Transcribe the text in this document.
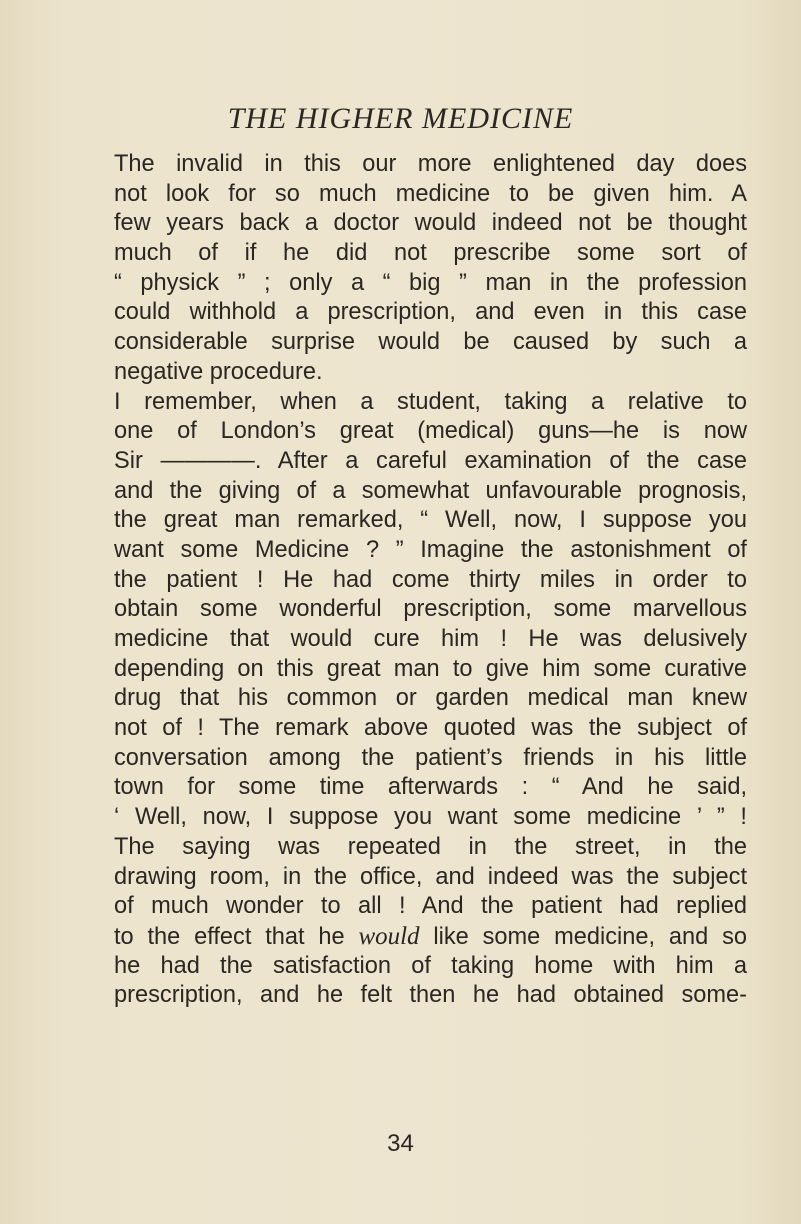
THE HIGHER MEDICINE
The invalid in this our more enlightened day does
not look for so much medicine to be given him. A
few years back a doctor would indeed not be thought
much of if he did not prescribe some sort of
“ physick ” ; only a “ big ” man in the profession
could withhold a prescription, and even in this case
considerable surprise would be caused by such a
negative procedure.
I remember, when a student, taking a relative to
one of London’s great (medical) guns—he is now
Sir ————. After a careful examination of the case
and the giving of a somewhat unfavourable prognosis,
the great man remarked, “ Well, now, I suppose you
want some Medicine ? ” Imagine the astonishment of
the patient ! He had come thirty miles in order to
obtain some wonderful prescription, some marvellous
medicine that would cure him ! He was delusively
depending on this great man to give him some curative
drug that his common or garden medical man knew
not of ! The remark above quoted was the subject of
conversation among the patient’s friends in his little
town for some time afterwards : “ And he said,
‘ Well, now, I suppose you want some medicine ’ ” !
The saying was repeated in the street, in the
drawing room, in the office, and indeed was the subject
of much wonder to all ! And the patient had replied
to the effect that he would like some medicine, and so
he had the satisfaction of taking home with him a
prescription, and he felt then he had obtained some-
34
